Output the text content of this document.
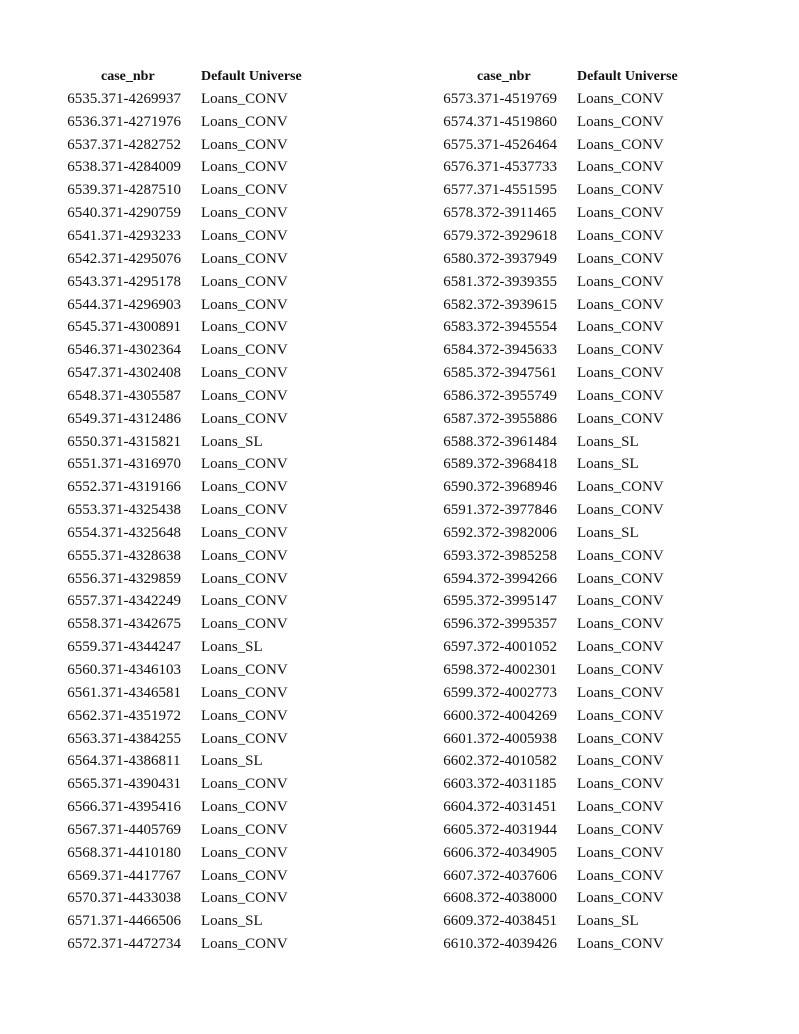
	case_nbr	Default Universe
6535.	371-4269937	Loans_CONV
6536.	371-4271976	Loans_CONV
6537.	371-4282752	Loans_CONV
6538.	371-4284009	Loans_CONV
6539.	371-4287510	Loans_CONV
6540.	371-4290759	Loans_CONV
6541.	371-4293233	Loans_CONV
6542.	371-4295076	Loans_CONV
6543.	371-4295178	Loans_CONV
6544.	371-4296903	Loans_CONV
6545.	371-4300891	Loans_CONV
6546.	371-4302364	Loans_CONV
6547.	371-4302408	Loans_CONV
6548.	371-4305587	Loans_CONV
6549.	371-4312486	Loans_CONV
6550.	371-4315821	Loans_SL
6551.	371-4316970	Loans_CONV
6552.	371-4319166	Loans_CONV
6553.	371-4325438	Loans_CONV
6554.	371-4325648	Loans_CONV
6555.	371-4328638	Loans_CONV
6556.	371-4329859	Loans_CONV
6557.	371-4342249	Loans_CONV
6558.	371-4342675	Loans_CONV
6559.	371-4344247	Loans_SL
6560.	371-4346103	Loans_CONV
6561.	371-4346581	Loans_CONV
6562.	371-4351972	Loans_CONV
6563.	371-4384255	Loans_CONV
6564.	371-4386811	Loans_SL
6565.	371-4390431	Loans_CONV
6566.	371-4395416	Loans_CONV
6567.	371-4405769	Loans_CONV
6568.	371-4410180	Loans_CONV
6569.	371-4417767	Loans_CONV
6570.	371-4433038	Loans_CONV
6571.	371-4466506	Loans_SL
6572.	371-4472734	Loans_CONV
	case_nbr	Default Universe
6573.	371-4519769	Loans_CONV
6574.	371-4519860	Loans_CONV
6575.	371-4526464	Loans_CONV
6576.	371-4537733	Loans_CONV
6577.	371-4551595	Loans_CONV
6578.	372-3911465	Loans_CONV
6579.	372-3929618	Loans_CONV
6580.	372-3937949	Loans_CONV
6581.	372-3939355	Loans_CONV
6582.	372-3939615	Loans_CONV
6583.	372-3945554	Loans_CONV
6584.	372-3945633	Loans_CONV
6585.	372-3947561	Loans_CONV
6586.	372-3955749	Loans_CONV
6587.	372-3955886	Loans_CONV
6588.	372-3961484	Loans_SL
6589.	372-3968418	Loans_SL
6590.	372-3968946	Loans_CONV
6591.	372-3977846	Loans_CONV
6592.	372-3982006	Loans_SL
6593.	372-3985258	Loans_CONV
6594.	372-3994266	Loans_CONV
6595.	372-3995147	Loans_CONV
6596.	372-3995357	Loans_CONV
6597.	372-4001052	Loans_CONV
6598.	372-4002301	Loans_CONV
6599.	372-4002773	Loans_CONV
6600.	372-4004269	Loans_CONV
6601.	372-4005938	Loans_CONV
6602.	372-4010582	Loans_CONV
6603.	372-4031185	Loans_CONV
6604.	372-4031451	Loans_CONV
6605.	372-4031944	Loans_CONV
6606.	372-4034905	Loans_CONV
6607.	372-4037606	Loans_CONV
6608.	372-4038000	Loans_CONV
6609.	372-4038451	Loans_SL
6610.	372-4039426	Loans_CONV
